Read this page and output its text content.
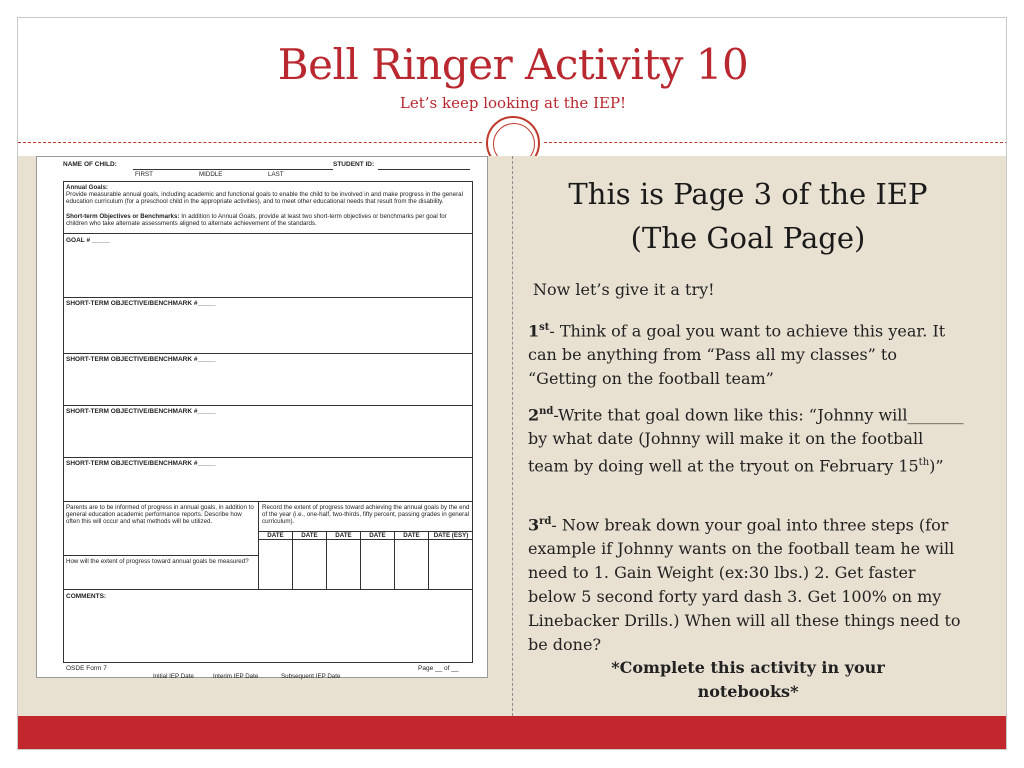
Bell Ringer Activity 10
Let’s keep looking at the IEP!
NAME OF CHILD:
FIRST	MIDDLE	LAST
STUDENT ID:
Annual Goals:
Provide measurable annual goals, including academic and functional goals to enable the child to be involved in and make progress in the general education curriculum (for a preschool child in the appropriate activities), and to meet other educational needs that result from the disability.
Short-term Objectives or Benchmarks: In addition to Annual Goals, provide at least two short-term objectives or benchmarks per goal for children who take alternate assessments aligned to alternate achievement of the standards.
GOAL # _____
SHORT-TERM OBJECTIVE/BENCHMARK #_____
SHORT-TERM OBJECTIVE/BENCHMARK #_____
SHORT-TERM OBJECTIVE/BENCHMARK #_____
SHORT-TERM OBJECTIVE/BENCHMARK #_____
Parents are to be informed of progress in annual goals, in addition to general education academic performance reports. Describe how often this will occur and what methods will be utilized.
Record the extent of progress toward achieving the annual goals by the end of the year (i.e., one-half, two-thirds, fifty percent, passing grades in general curriculum).
DATE	DATE	DATE	DATE	DATE	DATE (ESY)
How will the extent of progress toward annual goals be measured?
COMMENTS:
OSDE Form 7	Page __ of __
Initial IEP Date	Interim IEP Date	Subsequent IEP Date
This is Page 3 of the IEP
(The Goal Page)
Now let’s give it a try!
1st- Think of a goal you want to achieve this year. It can be anything from “Pass all my classes” to “Getting on the football team”
2nd-Write that goal down like this: “Johnny will_______ by what date (Johnny will make it on the football team by doing well at the tryout on February 15th)”
3rd- Now break down your goal into three steps (for example if Johnny wants on the football team he will need to 1. Gain Weight (ex:30 lbs.) 2. Get faster below 5 second forty yard dash 3. Get 100% on my Linebacker Drills.) When will all these things need to be done?
*Complete this activity in your
notebooks*
